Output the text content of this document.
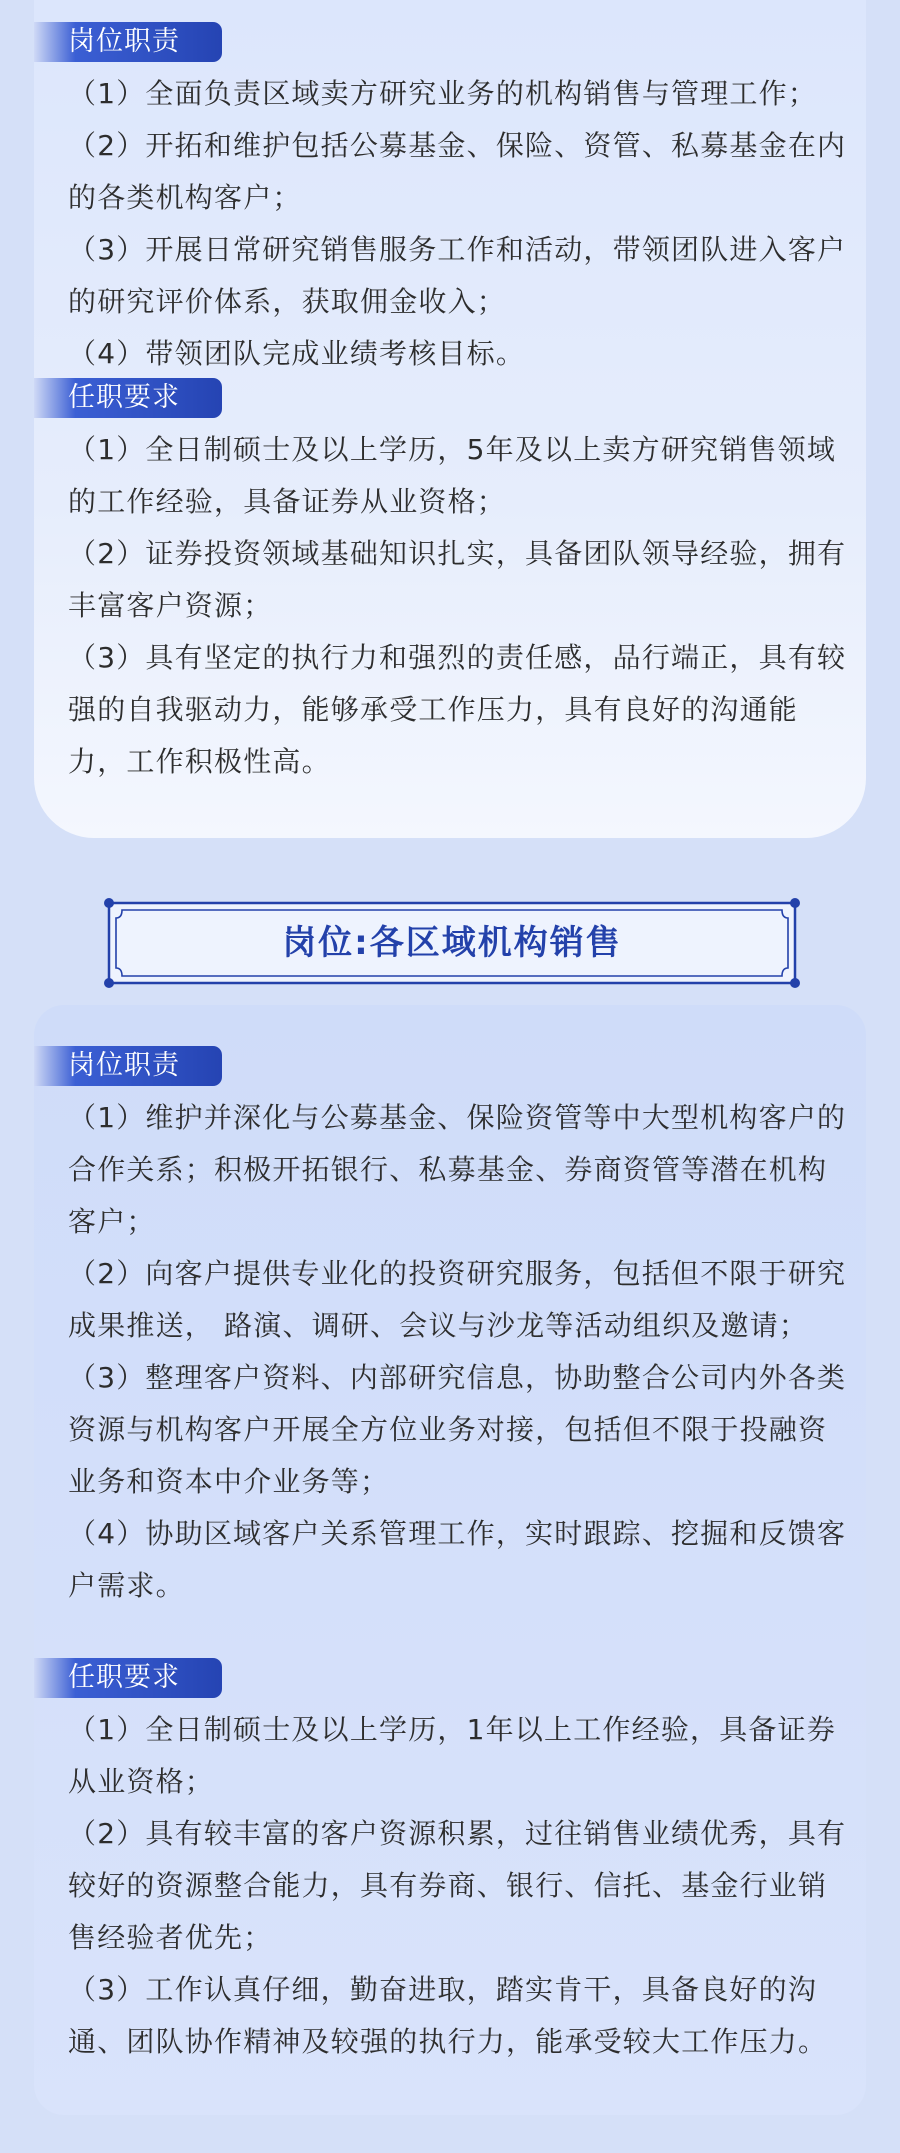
岗位职责

（1）全面负责区域卖方研究业务的机构销售与管理工作；

（2）开拓和维护包括公募基金、保险、资管、私募基金在内的各类机构客户；

（3）开展日常研究销售服务工作和活动，带领团队进入客户的研究评价体系，获取佣金收入；

（4）带领团队完成业绩考核目标。

任职要求

（1）全日制硕士及以上学历，5年及以上卖方研究销售领域的工作经验，具备证券从业资格；

（2）证券投资领域基础知识扎实，具备团队领导经验，拥有丰富客户资源；

（3）具有坚定的执行力和强烈的责任感，品行端正，具有较强的自我驱动力，能够承受工作压力，具有良好的沟通能力，工作积极性高。

岗位:各区域机构销售
岗位职责

（1）维护并深化与公募基金、保险资管等中大型机构客户的合作关系；积极开拓银行、私募基金、券商资管等潜在机构客户；

（2）向客户提供专业化的投资研究服务，包括但不限于研究成果推送， 路演、调研、会议与沙龙等活动组织及邀请；

（3）整理客户资料、内部研究信息，协助整合公司内外各类资源与机构客户开展全方位业务对接，包括但不限于投融资业务和资本中介业务等；

（4）协助区域客户关系管理工作，实时跟踪、挖掘和反馈客户需求。

任职要求

（1）全日制硕士及以上学历，1年以上工作经验，具备证券从业资格；

（2）具有较丰富的客户资源积累，过往销售业绩优秀，具有较好的资源整合能力，具有券商、银行、信托、基金行业销售经验者优先；

（3）工作认真仔细，勤奋进取，踏实肯干，具备良好的沟通、团队协作精神及较强的执行力，能承受较大工作压力。
